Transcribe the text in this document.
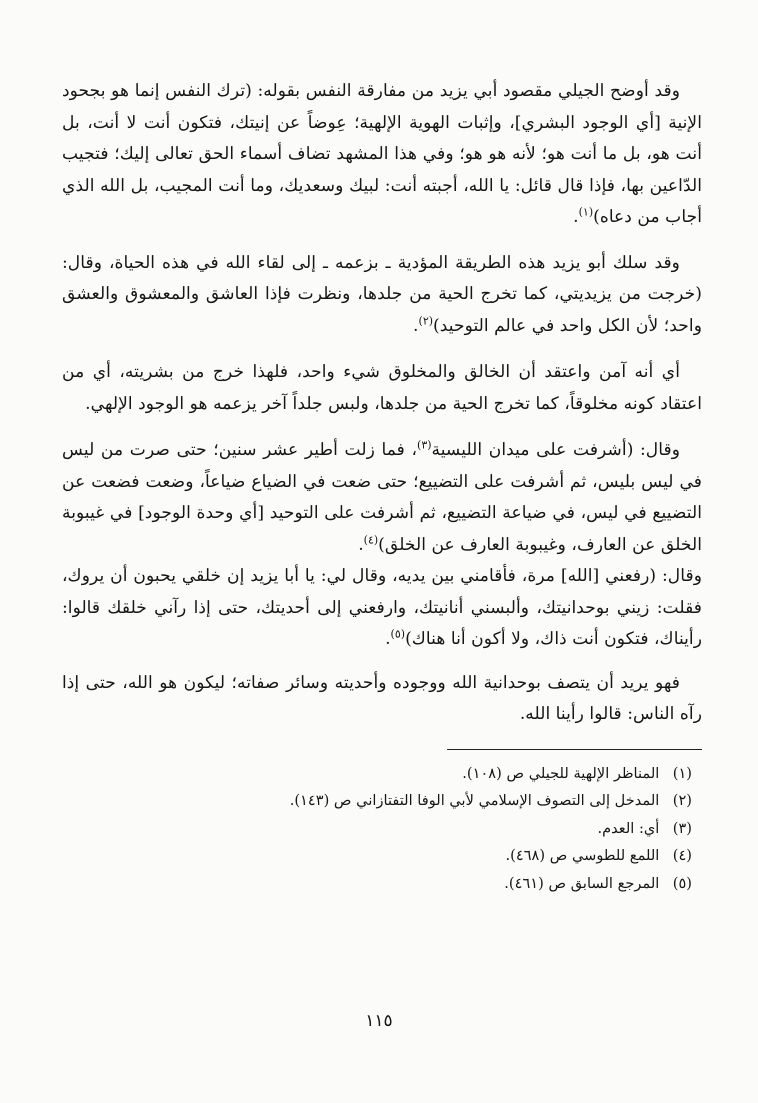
وقد أوضح الجيلي مقصود أبي يزيد من مفارقة النفس بقوله: (ترك النفس إنما هو بجحود الإنية [أي الوجود البشري]، وإثبات الهوية الإلهية؛ عِوضاً عن إنيتك، فتكون أنت لا أنت، بل أنت هو، بل ما أنت هو؛ لأنه هو هو؛ وفي هذا المشهد تضاف أسماء الحق تعالى إليك؛ فتجيب الدّاعين بها، فإذا قال قائل: يا الله، أجبته أنت: لبيك وسعديك، وما أنت المجيب، بل الله الذي أجاب من دعاه)$^{(١)}$.

وقد سلك أبو يزيد هذه الطريقة المؤدية ـ بزعمه ـ إلى لقاء الله في هذه الحياة، وقال: (خرجت من يزيديتي، كما تخرج الحية من جلدها، ونظرت فإذا العاشق والمعشوق والعشق واحد؛ لأن الكل واحد في عالم التوحيد)$^{(٢)}$.

أي أنه آمن واعتقد أن الخالق والمخلوق شيء واحد، فلهذا خرج من بشريته، أي من اعتقاد كونه مخلوقاً، كما تخرج الحية من جلدها، ولبس جلداً آخر يزعمه هو الوجود الإلهي.

وقال: (أشرفت على ميدان الليسية$^{(٣)}$، فما زلت أطير عشر سنين؛ حتى صرت من ليس في ليس بليس، ثم أشرفت على التضييع؛ حتى ضعت في الضياع ضياعاً، وضعت فضعت عن التضييع في ليس، في ضياعة التضييع، ثم أشرفت على التوحيد [أي وحدة الوجود] في غيبوبة الخلق عن العارف، وغيبوبة العارف عن الخلق)$^{(٤)}$.

وقال: (رفعني [الله] مرة، فأقامني بين يديه، وقال لي: يا أبا يزيد إن خلقي يحبون أن يروك، فقلت: زيني بوحدانيتك، وألبسني أنانيتك، وارفعني إلى أحديتك، حتى إذا رآني خلقك قالوا: رأيناك، فتكون أنت ذاك، ولا أكون أنا هناك)$^{(٥)}$.

فهو يريد أن يتصف بوحدانية الله ووجوده وأحديته وسائر صفاته؛ ليكون هو الله، حتى إذا رآه الناس: قالوا رأينا الله.

(١) المناظر الإلهية للجيلي ص (١٠٨).
(٢) المدخل إلى التصوف الإسلامي لأبي الوفا التفتازاني ص (١٤٣).
(٣) أي: العدم.
(٤) اللمع للطوسي ص (٤٦٨).
(٥) المرجع السابق ص (٤٦١).
١١٥
